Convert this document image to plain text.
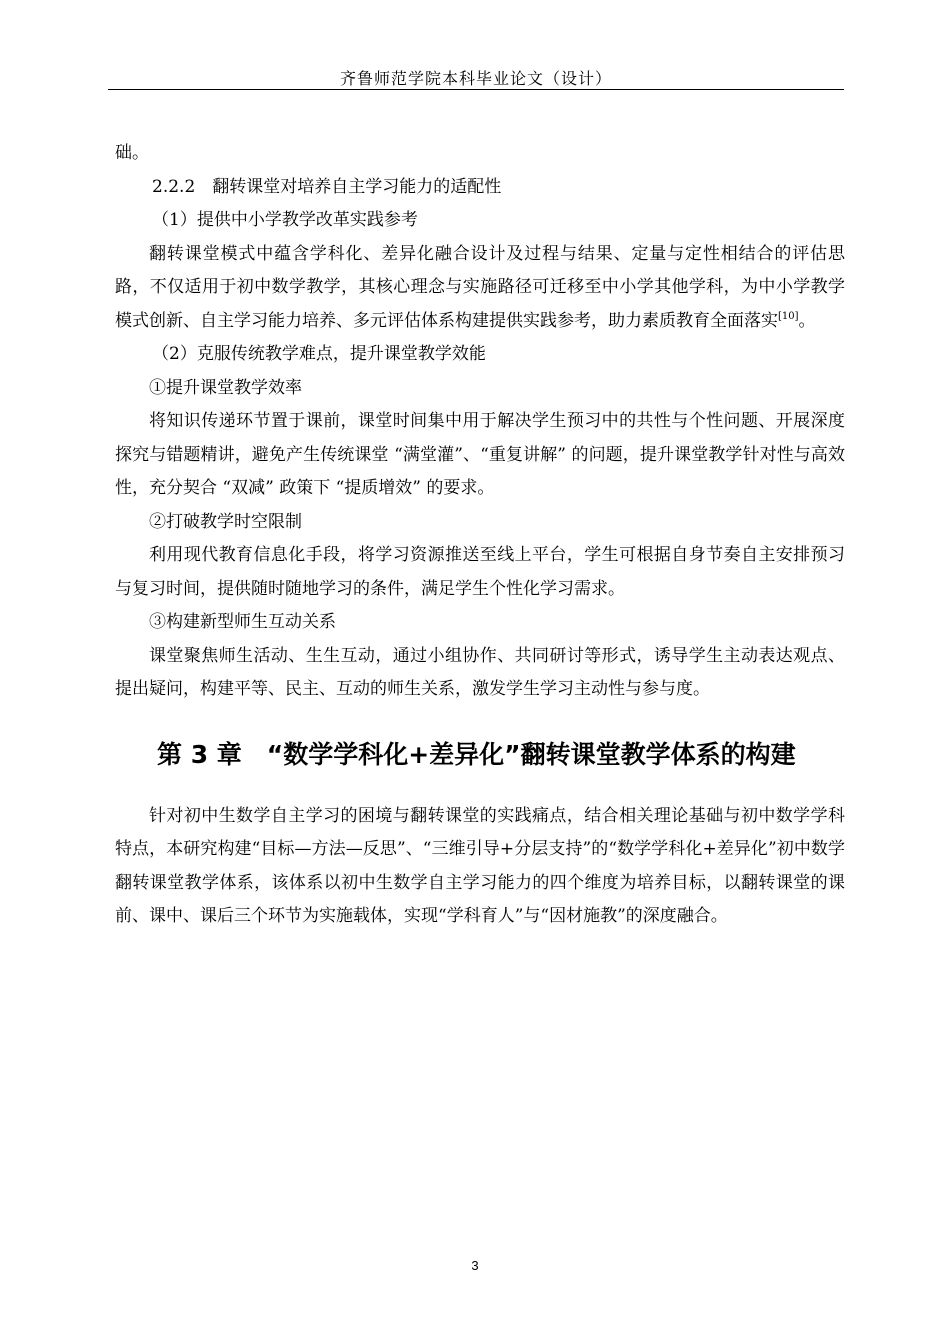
齐鲁师范学院本科毕业论文（设计）

础。

2.2.2　翻转课堂对培养自主学习能力的适配性

（1）提供中小学教学改革实践参考

翻转课堂模式中蕴含学科化、差异化融合设计及过程与结果、定量与定性相结合的评估思路，不仅适用于初中数学教学，其核心理念与实施路径可迁移至中小学其他学科，为中小学教学模式创新、自主学习能力培养、多元评估体系构建提供实践参考，助力素质教育全面落实[10]。

（2）克服传统教学难点，提升课堂教学效能

①提升课堂教学效率

将知识传递环节置于课前，课堂时间集中用于解决学生预习中的共性与个性问题、开展深度探究与错题精讲，避免产生传统课堂 “满堂灌”、“重复讲解” 的问题，提升课堂教学针对性与高效性，充分契合 “双减” 政策下 “提质增效” 的要求。

②打破教学时空限制

利用现代教育信息化手段，将学习资源推送至线上平台，学生可根据自身节奏自主安排预习与复习时间，提供随时随地学习的条件，满足学生个性化学习需求。

③构建新型师生互动关系

课堂聚焦师生活动、生生互动，通过小组协作、共同研讨等形式，诱导学生主动表达观点、提出疑问，构建平等、民主、互动的师生关系，激发学生学习主动性与参与度。

第 3 章　“数学学科化+差异化”翻转课堂教学体系的构建

针对初中生数学自主学习的困境与翻转课堂的实践痛点，结合相关理论基础与初中数学学科特点，本研究构建“目标—方法—反思”、“三维引导+分层支持”的“数学学科化+差异化”初中数学翻转课堂教学体系，该体系以初中生数学自主学习能力的四个维度为培养目标，以翻转课堂的课前、课中、课后三个环节为实施载体，实现“学科育人”与“因材施教”的深度融合。

3
